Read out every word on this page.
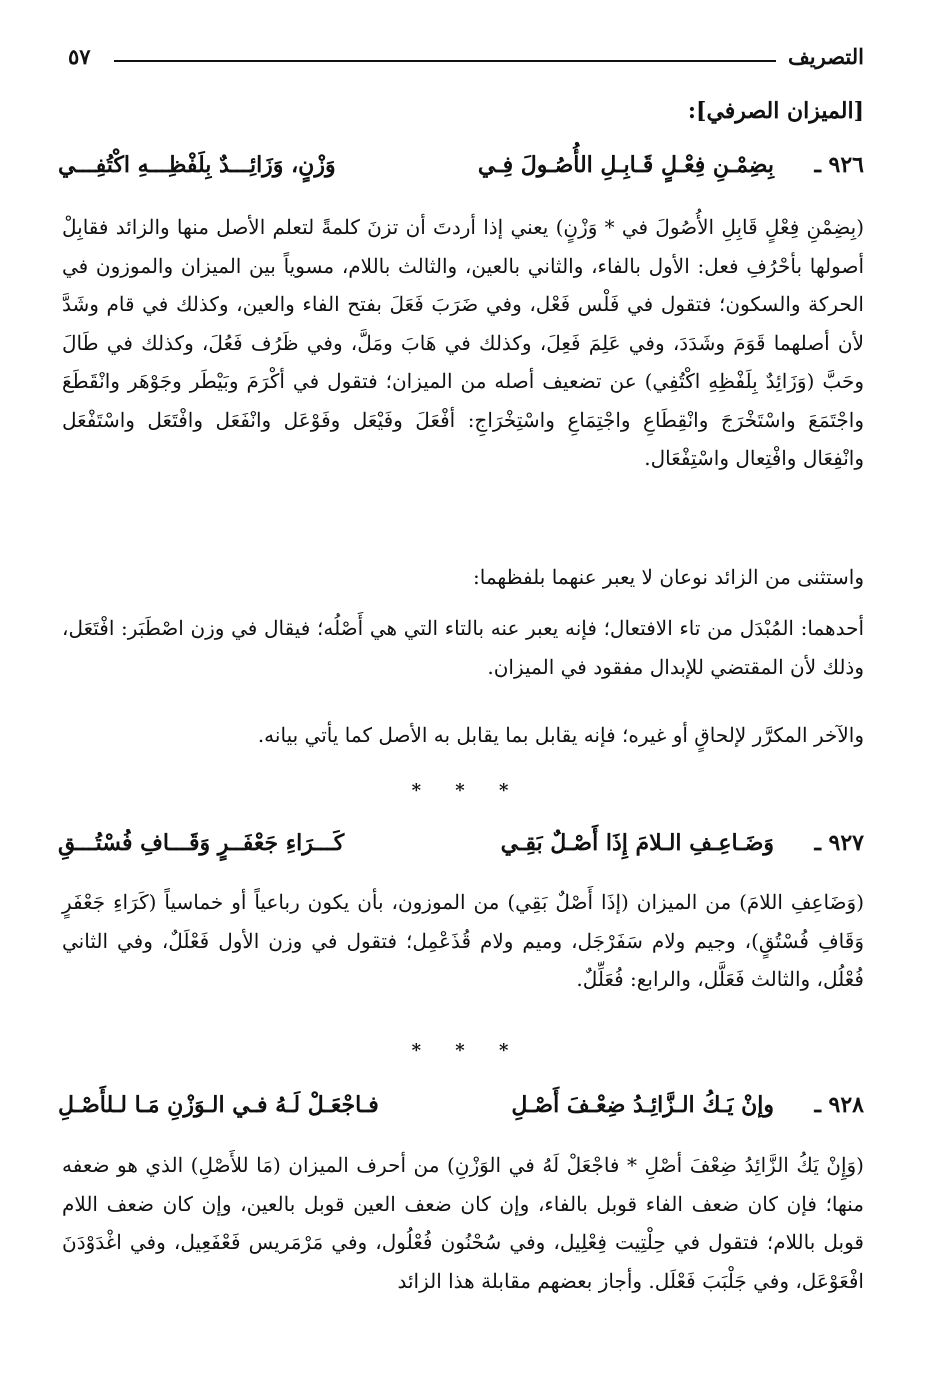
التصريف
٥٧
[الميزان الصرفي]:
٩٢٦ ـ
بِضِمْـنِ فِعْـلٍ قَـابِـلِ الأُصُـولَ فِـي
وَزْنٍ، وَزَائِـــدٌ بِلَفْظِـــهِ اكْتُفِـــي

(بِضِمْنِ فِعْلٍ قَابِلِ الأُصُولَ في * وَزْنٍ) يعني إذا أردتَ أن تزنَ كلمةً لتعلم الأصل منها والزائد فقابِلْ أصولها بأحْرُفِ فعل: الأول بالفاء، والثاني بالعين، والثالث باللام، مسوياً بين الميزان والموزون في الحركة والسكون؛ فتقول في فَلْس فَعْل، وفي ضَرَبَ فَعَلَ بفتح الفاء والعين، وكذلك في قام وشَدَّ لأن أصلهما قَوَمَ وشَدَدَ، وفي عَلِمَ فَعِلَ، وكذلك في هَابَ ومَلَّ، وفي ظَرُف فَعُلَ، وكذلك في طَالَ وحَبَّ (وَزَائِدٌ بِلَفْظِهِ اكْتُفِي) عن تضعيف أصله من الميزان؛ فتقول في أكْرَمَ وبَيْطَر وجَوْهَر وانْقَطَعَ واجْتَمَعَ واسْتَخْرَجَ وانْقِطَاعِ واجْتِمَاعِ واسْتِخْرَاجِ: أفْعَلَ وفَيْعَل وفَوْعَل وانْفَعَل وافْتَعَل واسْتَفْعَل وانْفِعَال وافْتِعال واسْتِفْعَال.

واستثنى من الزائد نوعان لا يعبر عنهما بلفظهما:

أحدهما: المُبْدَل من تاء الافتعال؛ فإنه يعبر عنه بالتاء التي هي أَصْلُه؛ فيقال في وزن اصْطَبَر: افْتَعَل، وذلك لأن المقتضي للإبدال مفقود في الميزان.

والآخر المكرَّر لإلحاقٍ أو غيره؛ فإنه يقابل بما يقابل به الأصل كما يأتي بيانه.

* * *
٩٢٧ ـ
وَضَـاعِـفِ الـلامَ إِذَا أَصْـلٌ بَقِـي
كَـــرَاءِ جَعْفَــرٍ وَقَـــافِ فُسْتُـــقِ

(وَضَاعِفِ اللامَ) من الميزان (إذَا أَصْلٌ بَقِي) من الموزون، بأن يكون رباعياً أو خماسياً (كَرَاءِ جَعْفَرٍ وَقَافِ فُسْتُقٍ)، وجيم ولام سَفَرْجَل، وميم ولام قُذَعْمِل؛ فتقول في وزن الأول فَعْلَلٌ، وفي الثاني فُعْلُل، والثالث فَعَلَّل، والرابع: فُعَلِّلٌ.

* * *
٩٢٨ ـ
وإنْ يَـكُ الـزَّائِـدُ ضِعْـفَ أَصْـلِ
فـاجْعَـلْ لَـهُ فـي الـوَزْنِ مَـا لـلأَصْـلِ

(وَإِنْ يَكُ الزَّائِدُ ضِعْفَ أصْلِ * فاجْعَلْ لَهُ في الوَزْنِ) من أحرف الميزان (مَا للأَصْلِ) الذي هو ضعفه منها؛ فإن كان ضعف الفاء قوبل بالفاء، وإن كان ضعف العين قوبل بالعين، وإن كان ضعف اللام قوبل باللام؛ فتقول في حِلْتِيت فِعْلِيل، وفي سُحْنُون فُعْلُول، وفي مَرْمَريس فَعْفَعِيل، وفي اغْدَوْدَنَ افْعَوْعَل، وفي جَلْبَبَ فَعْلَل. وأجاز بعضهم مقابلة هذا الزائد
